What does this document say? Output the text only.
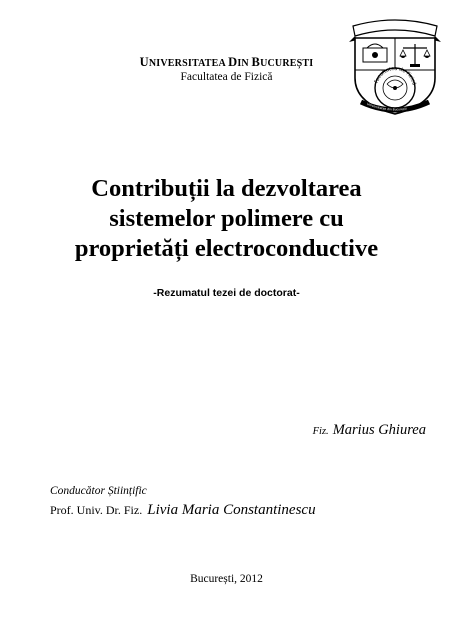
UNIVERSITATEA DIN BUCUREȘTI
Facultatea de Fizică	Facultatea de Fizică
Universitatea din București
Contribuții la dezvoltarea
sistemelor polimere cu
proprietăți electroconductive
-Rezumatul tezei de doctorat-
Fiz. Marius Ghiurea
Conducător Științific
Prof. Univ. Dr. Fiz. Livia Maria Constantinescu
București, 2012
